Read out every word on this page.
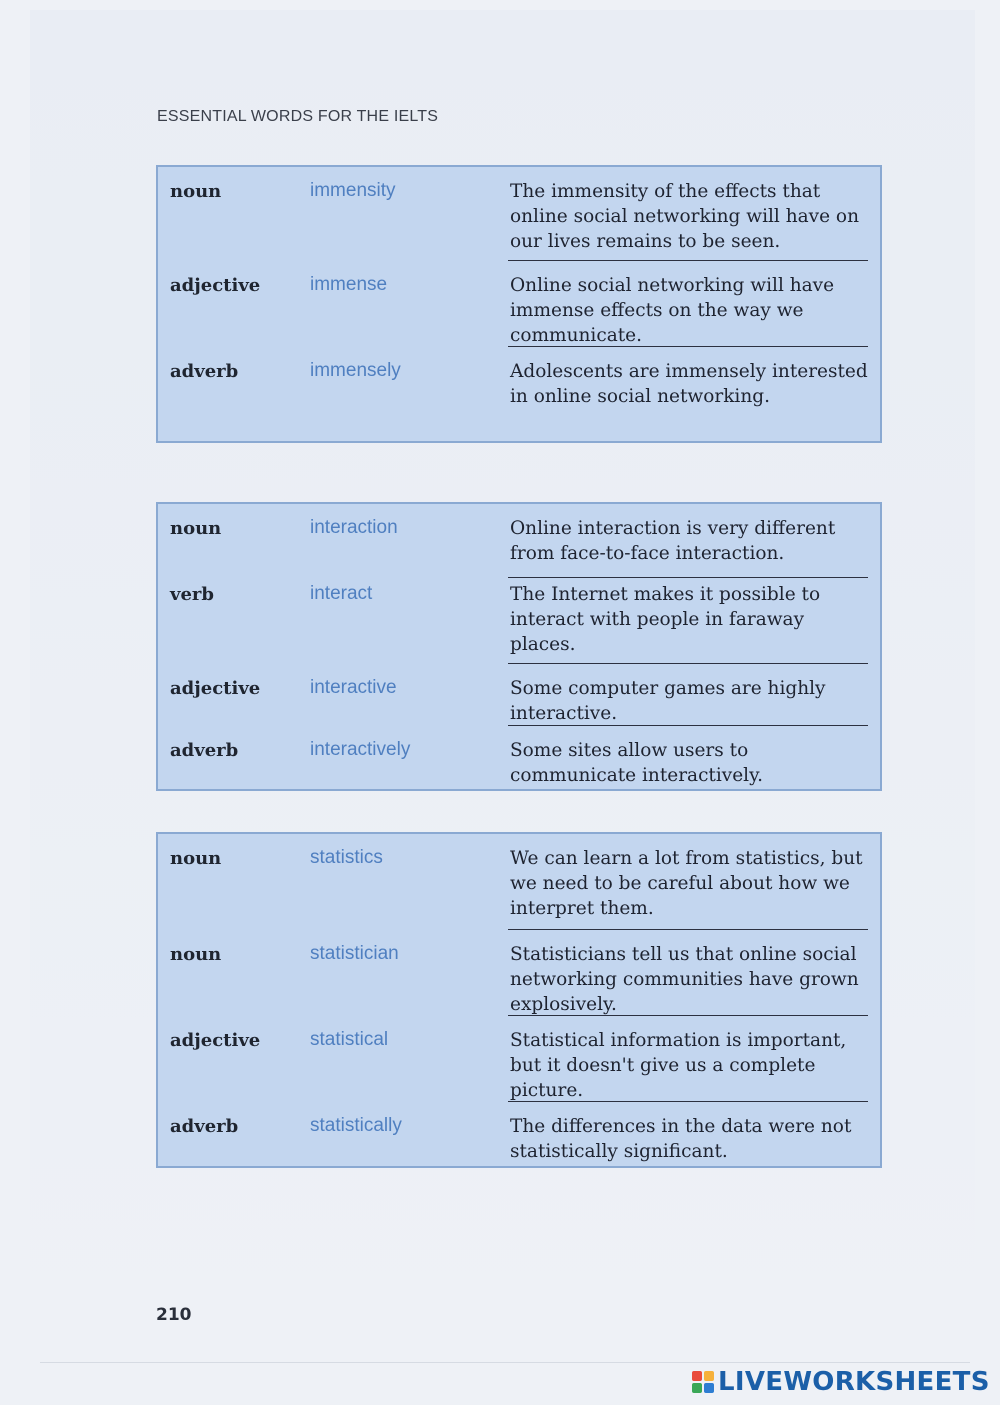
ESSENTIAL WORDS FOR THE IELTS
noun	immensity	The immensity of the effects that online social networking will have on our lives remains to be seen.
adjective	immense	Online social networking will have immense effects on the way we communicate.
adverb	immensely	Adolescents are immensely interested in online social networking.
noun	interaction	Online interaction is very different from face-to-face interaction.
verb	interact	The Internet makes it possible to interact with people in faraway places.
adjective	interactive	Some computer games are highly interactive.
adverb	interactively	Some sites allow users to communicate interactively.
noun	statistics	We can learn a lot from statistics, but we need to be careful about how we interpret them.
noun	statistician	Statisticians tell us that online social networking communities have grown explosively.
adjective	statistical	Statistical information is important, but it doesn't give us a complete picture.
adverb	statistically	The differences in the data were not statistically significant.
210
LIVEWORKSHEETS
